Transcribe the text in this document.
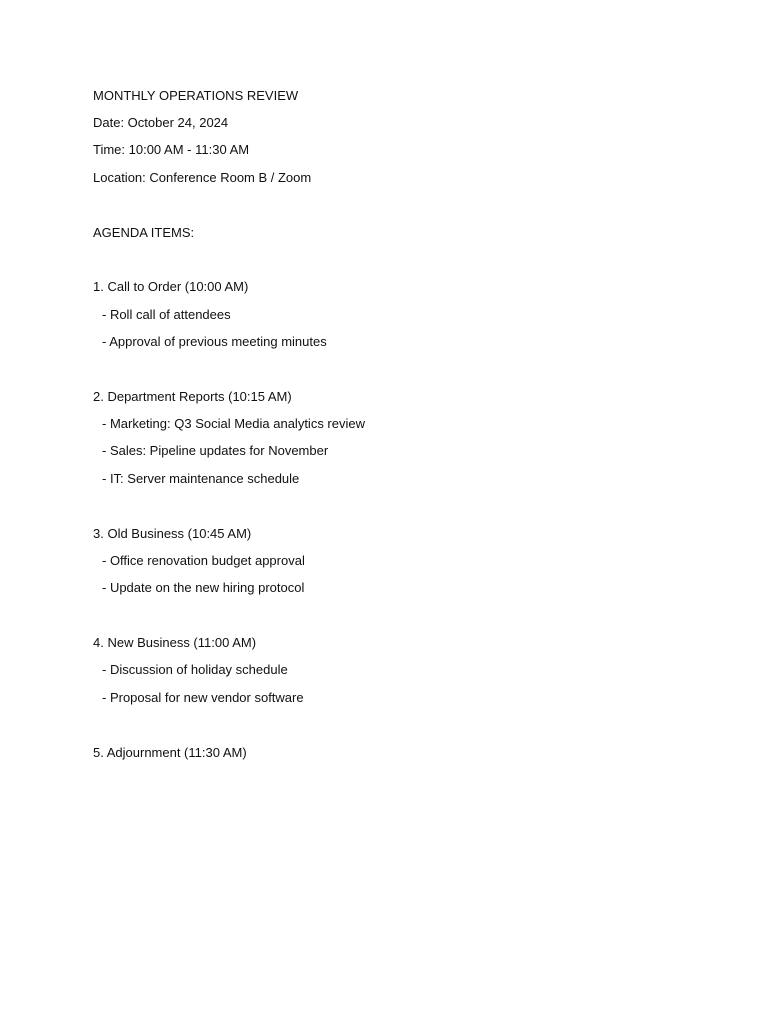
MONTHLY OPERATIONS REVIEW
Date: October 24, 2024
Time: 10:00 AM - 11:30 AM
Location: Conference Room B / Zoom
AGENDA ITEMS:
1. Call to Order (10:00 AM)
- Roll call of attendees
- Approval of previous meeting minutes
2. Department Reports (10:15 AM)
- Marketing: Q3 Social Media analytics review
- Sales: Pipeline updates for November
- IT: Server maintenance schedule
3. Old Business (10:45 AM)
- Office renovation budget approval
- Update on the new hiring protocol
4. New Business (11:00 AM)
- Discussion of holiday schedule
- Proposal for new vendor software
5. Adjournment (11:30 AM)
